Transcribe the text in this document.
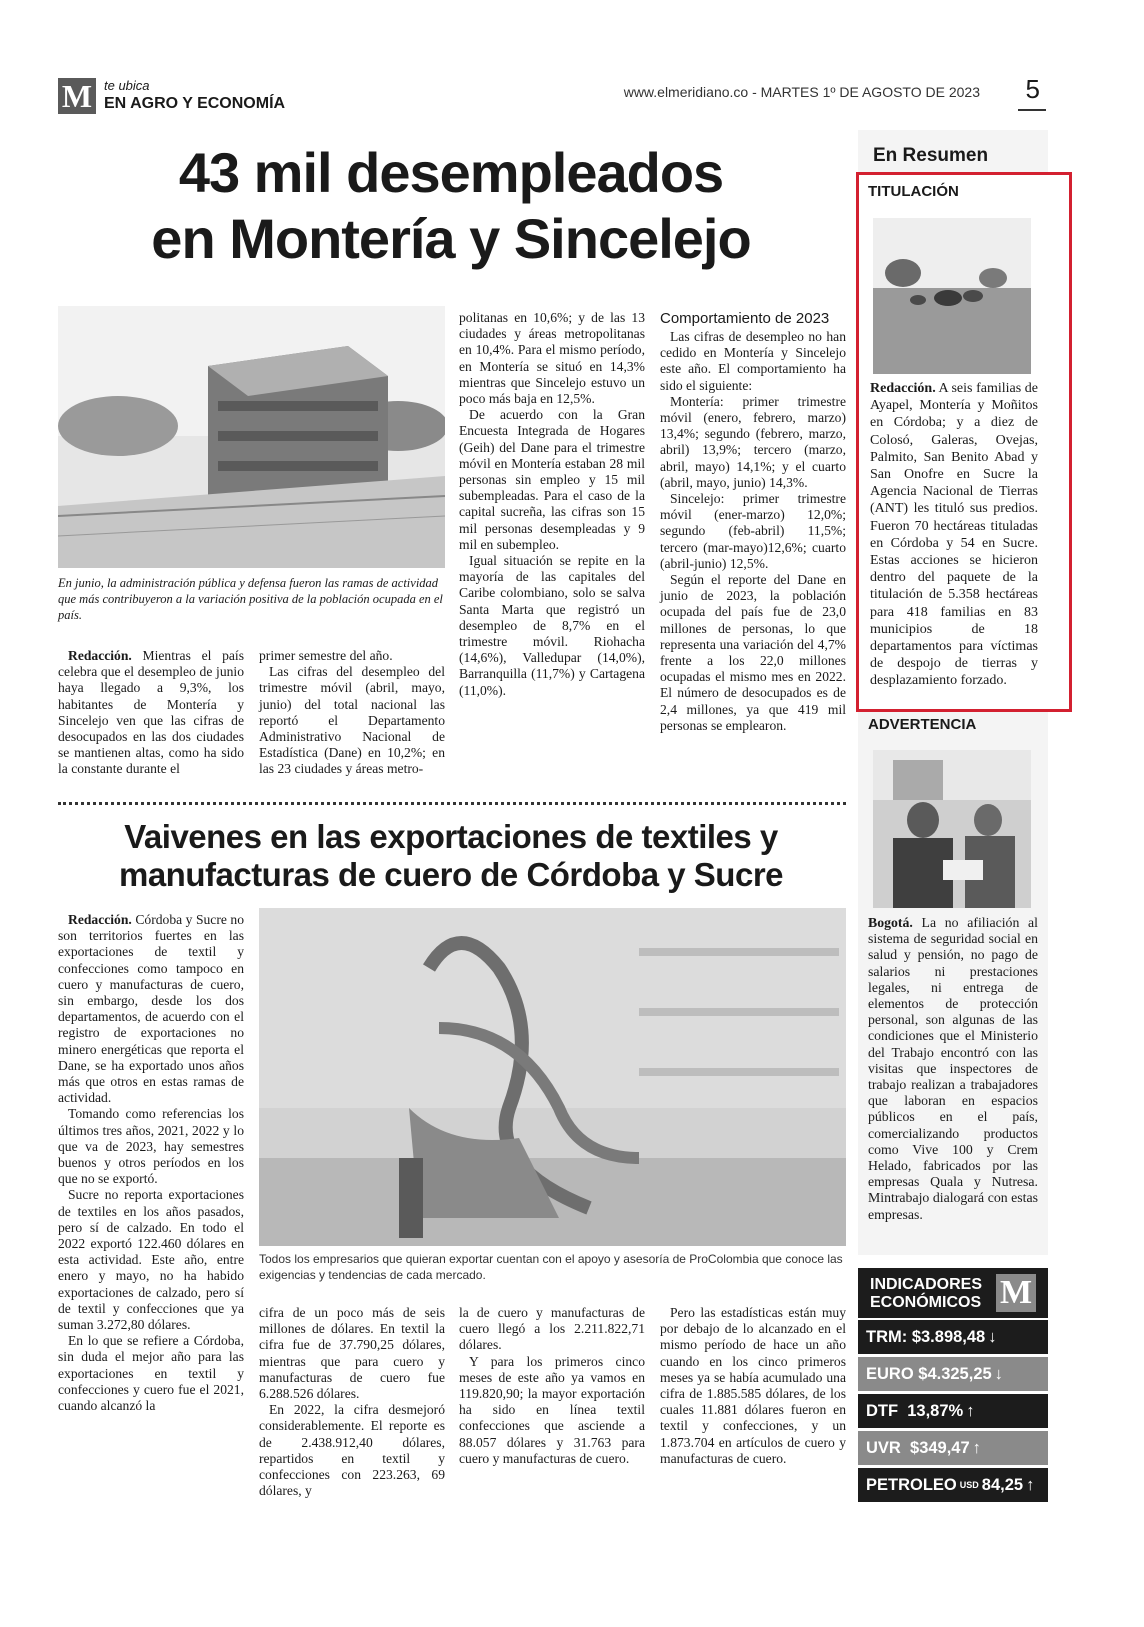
M te ubica
EN AGRO Y ECONOMÍA
www.elmeridiano.co - MARTES 1º DE AGOSTO DE 2023 5
43 mil desempleados
en Montería y Sincelejo
En junio, la administración pública y defensa fueron las ramas de actividad que más contribuyeron a la variación positiva de la población ocupada en el país.

Redacción. Mientras el país celebra que el desempleo de junio haya llegado a 9,3%, los habitantes de Montería y Sincelejo ven que las cifras de desocupados en las dos ciudades se mantienen altas, como ha sido la constante durante el

primer semestre del año.

Las cifras del desempleo del trimestre móvil (abril, mayo, junio) del total nacional las reportó el Departamento Administrativo Nacional de Estadística (Dane) en 10,2%; en las 23 ciudades y áreas metro-

politanas en 10,6%; y de las 13 ciudades y áreas metropolitanas en 10,4%. Para el mismo período, en Montería se situó en 14,3% mientras que Sincelejo estuvo un poco más baja en 12,5%.

De acuerdo con la Gran Encuesta Integrada de Hogares (Geih) del Dane para el trimestre móvil en Montería estaban 28 mil personas sin empleo y 15 mil subempleadas. Para el caso de la capital sucreña, las cifras son 15 mil personas desempleadas y 9 mil en subempleo.

Igual situación se repite en la mayoría de las capitales del Caribe colombiano, solo se salva Santa Marta que registró un desempleo de 8,7% en el trimestre móvil. Riohacha (14,6%), Valledupar (14,0%), Barranquilla (11,7%) y Cartagena (11,0%).

Comportamiento de 2023

Las cifras de desempleo no han cedido en Montería y Sincelejo este año. El comportamiento ha sido el siguiente:

Montería: primer trimestre móvil (enero, febrero, marzo) 13,4%; segundo (febrero, marzo, abril) 13,9%; tercero (marzo, abril, mayo) 14,1%; y el cuarto (abril, mayo, junio) 14,3%.

Sincelejo: primer trimestre móvil (ener-marzo) 12,0%; segundo (feb-abril) 11,5%; tercero (mar-mayo)12,6%; cuarto (abril-junio) 12,5%.

Según el reporte del Dane en junio de 2023, la población ocupada del país fue de 23,0 millones de personas, lo que representa una variación del 4,7% frente a los 22,0 millones ocupadas el mismo mes en 2022. El número de desocupados es de 2,4 millones, ya que 419 mil personas se emplearon.

Vaivenes en las exportaciones de textiles y
manufacturas de cuero de Córdoba y Sucre
Todos los empresarios que quieran exportar cuentan con el apoyo y asesoría de ProColombia que conoce las exigencias y tendencias de cada mercado.

Redacción. Córdoba y Sucre no son territorios fuertes en las exportaciones de textil y confecciones como tampoco en cuero y manufacturas de cuero, sin embargo, desde los dos departamentos, de acuerdo con el registro de exportaciones no minero energéticas que reporta el Dane, se ha exportado unos años más que otros en estas ramas de actividad.

Tomando como referencias los últimos tres años, 2021, 2022 y lo que va de 2023, hay semestres buenos y otros períodos en los que no se exportó.

Sucre no reporta exportaciones de textiles en los años pasados, pero sí de calzado. En todo el 2022 exportó 122.460 dólares en esta actividad. Este año, entre enero y mayo, no ha habido exportaciones de calzado, pero sí de textil y confecciones que ya suman 3.272,80 dólares.

En lo que se refiere a Córdoba, sin duda el mejor año para las exportaciones en textil y confecciones y cuero fue el 2021, cuando alcanzó la

cifra de un poco más de seis millones de dólares. En textil la cifra fue de 37.790,25 dólares, mientras que para cuero y manufacturas de cuero fue 6.288.526 dólares.

En 2022, la cifra desmejoró considerablemente. El reporte es de 2.438.912,40 dólares, repartidos en textil y confecciones con 223.263, 69 dólares, y

la de cuero y manufacturas de cuero llegó a los 2.211.822,71 dólares.

Y para los primeros cinco meses de este año ya vamos en 119.820,90; la mayor exportación ha sido en línea textil confecciones que asciende a 88.057 dólares y 31.763 para cuero y manufacturas de cuero.

Pero las estadísticas están muy por debajo de lo alcanzado en el mismo período de hace un año cuando en los cinco primeros meses ya se había acumulado una cifra de 1.885.585 dólares, de los cuales 11.881 dólares fueron en textil y confecciones, y un 1.873.704 en artículos de cuero y manufacturas de cuero.

En Resumen
TITULACIÓN

Redacción. A seis familias de Ayapel, Montería y Moñitos en Córdoba; y a diez de Colosó, Galeras, Ovejas, Palmito, San Benito Abad y San Onofre en Sucre la Agencia Nacional de Tierras (ANT) les tituló sus predios. Fueron 70 hectáreas tituladas en Córdoba y 54 en Sucre. Estas acciones se hicieron dentro del paquete de la titulación de 5.358 hectáreas para 418 familias en 83 municipios de 18 departamentos para víctimas de despojo de tierras y desplazamiento forzado.

ADVERTENCIA

Bogotá. La no afiliación al sistema de seguridad social en salud y pensión, no pago de salarios ni prestaciones legales, ni entrega de elementos de protección personal, son algunas de las condiciones que el Ministerio del Trabajo encontró con las visitas que inspectores de trabajo realizan a trabajadores que laboran en espacios públicos en el país, comercializando productos como Vive 100 y Crem Helado, fabricados por las empresas Quala y Nutresa. Mintrabajo dialogará con estas empresas.

INDICADORES
ECONÓMICOS M
TRM:
$3.898,48 ↓
EURO
$4.325,25 ↓
DTF
13,87% ↑
UVR
$349,47 ↑
PETROLEO USD 84,25 ↑
